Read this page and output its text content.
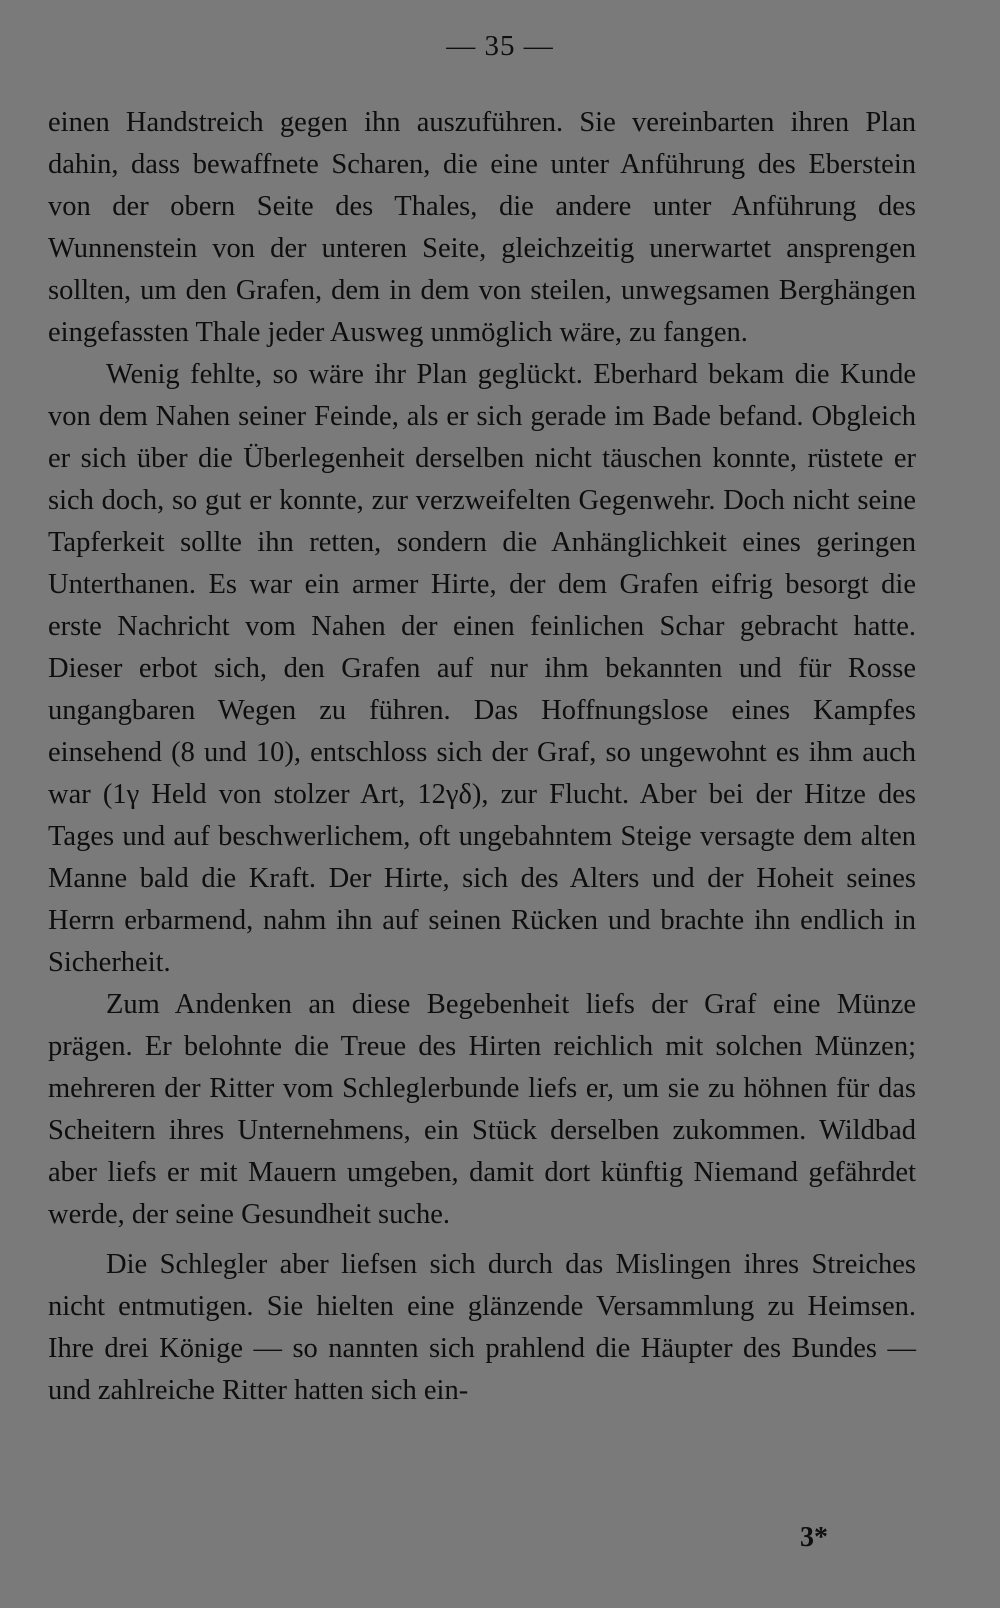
— 35 —

einen Handstreich gegen ihn auszuführen. Sie vereinbarten ihren Plan dahin, dass bewaffnete Scharen, die eine unter Anführung des Eberstein von der obern Seite des Thales, die andere unter Anführung des Wunnenstein von der unteren Seite, gleichzeitig unerwartet ansprengen sollten, um den Grafen, dem in dem von steilen, unwegsamen Berghängen eingefassten Thale jeder Ausweg unmöglich wäre, zu fangen.

Wenig fehlte, so wäre ihr Plan geglückt. Eberhard bekam die Kunde von dem Nahen seiner Feinde, als er sich gerade im Bade befand. Obgleich er sich über die Überlegenheit derselben nicht täuschen konnte, rüstete er sich doch, so gut er konnte, zur verzweifelten Gegenwehr. Doch nicht seine Tapferkeit sollte ihn retten, sondern die Anhänglichkeit eines geringen Unterthanen. Es war ein armer Hirte, der dem Grafen eifrig besorgt die erste Nachricht vom Nahen der einen feinlichen Schar gebracht hatte. Dieser erbot sich, den Grafen auf nur ihm bekannten und für Rosse ungangbaren Wegen zu führen. Das Hoffnungslose eines Kampfes einsehend (8 und 10), entschloss sich der Graf, so ungewohnt es ihm auch war (1γ Held von stolzer Art, 12γδ), zur Flucht. Aber bei der Hitze des Tages und auf beschwerlichem, oft ungebahntem Steige versagte dem alten Manne bald die Kraft. Der Hirte, sich des Alters und der Hoheit seines Herrn erbarmend, nahm ihn auf seinen Rücken und brachte ihn endlich in Sicherheit.

Zum Andenken an diese Begebenheit liefs der Graf eine Münze prägen. Er belohnte die Treue des Hirten reichlich mit solchen Münzen; mehreren der Ritter vom Schleglerbunde liefs er, um sie zu höhnen für das Scheitern ihres Unternehmens, ein Stück derselben zukommen. Wildbad aber liefs er mit Mauern umgeben, damit dort künftig Niemand gefährdet werde, der seine Gesundheit suche.

Die Schlegler aber liefsen sich durch das Mislingen ihres Streiches nicht entmutigen. Sie hielten eine glänzende Versammlung zu Heimsen. Ihre drei Könige — so nannten sich prahlend die Häupter des Bundes — und zahlreiche Ritter hatten sich ein-

3*
